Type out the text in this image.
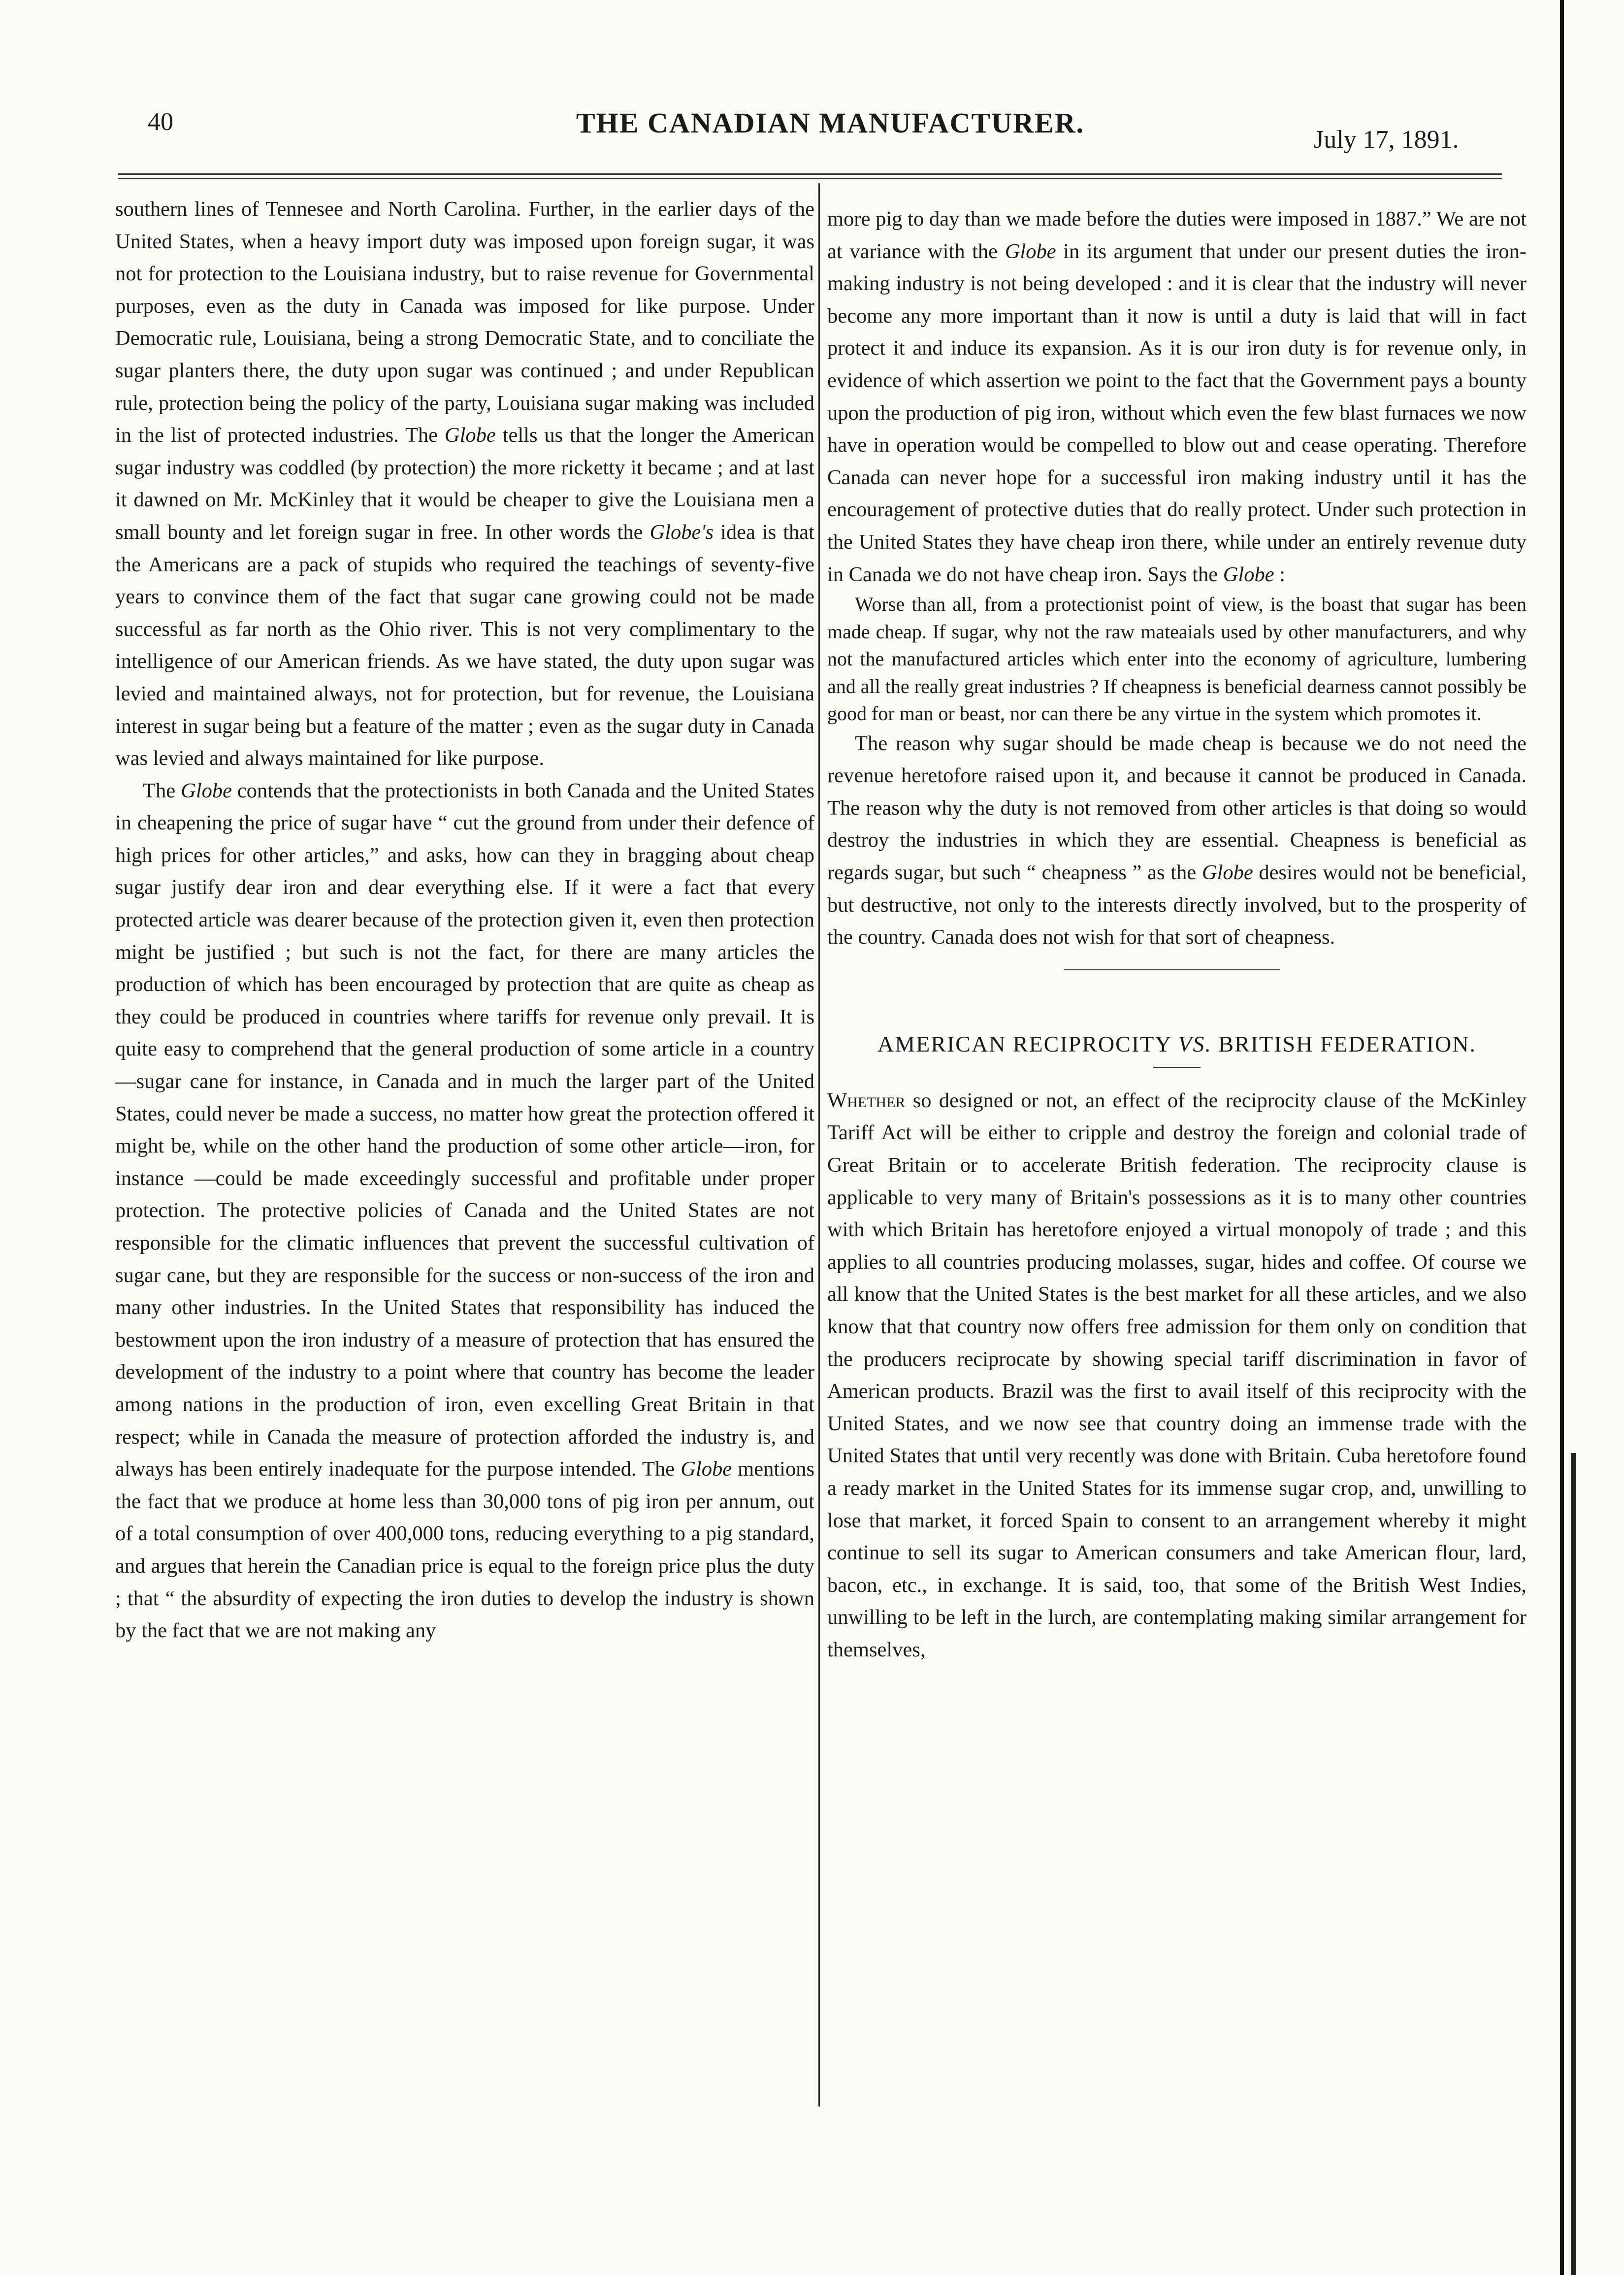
40	THE CANADIAN MANUFACTURER.
July 17, 1891.

southern lines of Tennesee and North Carolina. Further, in the earlier days of the United States, when a heavy import duty was imposed upon foreign sugar, it was not for protection to the Louisiana industry, but to raise revenue for Governmental purposes, even as the duty in Canada was imposed for like purpose. Under Democratic rule, Louisiana, being a strong Democratic State, and to conciliate the sugar planters there, the duty upon sugar was continued ; and under Republican rule, protection being the policy of the party, Louisiana sugar making was included in the list of protected industries. The Globe tells us that the longer the American sugar industry was coddled (by protection) the more ricketty it became ; and at last it dawned on Mr. McKinley that it would be cheaper to give the Louisiana men a small bounty and let foreign sugar in free. In other words the Globe's idea is that the Americans are a pack of stupids who required the teachings of seventy-five years to convince them of the fact that sugar cane growing could not be made successful as far north as the Ohio river. This is not very complimentary to the intelligence of our American friends. As we have stated, the duty upon sugar was levied and maintained always, not for protection, but for revenue, the Louisiana interest in sugar being but a feature of the matter ; even as the sugar duty in Canada was levied and always maintained for like purpose.

The Globe contends that the protectionists in both Canada and the United States in cheapening the price of sugar have “ cut the ground from under their defence of high prices for other articles,” and asks, how can they in bragging about cheap sugar justify dear iron and dear everything else. If it were a fact that every protected article was dearer because of the protection given it, even then protection might be justified ; but such is not the fact, for there are many articles the production of which has been encouraged by protection that are quite as cheap as they could be produced in countries where tariffs for revenue only prevail. It is quite easy to comprehend that the general production of some article in a country—sugar cane for instance, in Canada and in much the larger part of the United States, could never be made a success, no matter how great the protection offered it might be, while on the other hand the production of some other article—iron, for instance —could be made exceedingly successful and profitable under proper protection. The protective policies of Canada and the United States are not responsible for the climatic influences that prevent the successful cultivation of sugar cane, but they are responsible for the success or non-success of the iron and many other industries. In the United States that responsibility has induced the bestowment upon the iron industry of a measure of protection that has ensured the development of the industry to a point where that country has become the leader among nations in the production of iron, even excelling Great Britain in that respect; while in Canada the measure of protection afforded the industry is, and always has been entirely inadequate for the purpose intended. The Globe mentions the fact that we produce at home less than 30,000 tons of pig iron per annum, out of a total consumption of over 400,000 tons, reducing everything to a pig standard, and argues that herein the Canadian price is equal to the foreign price plus the duty ; that “ the absurdity of expecting the iron duties to develop the industry is shown by the fact that we are not making any

more pig to day than we made before the duties were imposed in 1887.” We are not at variance with the Globe in its argument that under our present duties the iron-making industry is not being developed : and it is clear that the industry will never become any more important than it now is until a duty is laid that will in fact protect it and induce its expansion. As it is our iron duty is for revenue only, in evidence of which assertion we point to the fact that the Government pays a bounty upon the production of pig iron, without which even the few blast furnaces we now have in operation would be compelled to blow out and cease operating. Therefore Canada can never hope for a successful iron making industry until it has the encouragement of protective duties that do really protect. Under such protection in the United States they have cheap iron there, while under an entirely revenue duty in Canada we do not have cheap iron. Says the Globe :

Worse than all, from a protectionist point of view, is the boast that sugar has been made cheap. If sugar, why not the raw mateaials used by other manufacturers, and why not the manufactured articles which enter into the economy of agriculture, lumbering and all the really great industries ? If cheapness is beneficial dearness cannot possibly be good for man or beast, nor can there be any virtue in the system which promotes it.

The reason why sugar should be made cheap is because we do not need the revenue heretofore raised upon it, and because it cannot be produced in Canada. The reason why the duty is not removed from other articles is that doing so would destroy the industries in which they are essential. Cheapness is beneficial as regards sugar, but such “ cheapness ” as the Globe desires would not be beneficial, but destructive, not only to the interests directly involved, but to the prosperity of the country. Canada does not wish for that sort of cheapness.

AMERICAN RECIPROCITY VS. BRITISH FEDERATION.

Whether so designed or not, an effect of the reciprocity clause of the McKinley Tariff Act will be either to cripple and destroy the foreign and colonial trade of Great Britain or to accelerate British federation. The reciprocity clause is applicable to very many of Britain's possessions as it is to many other countries with which Britain has heretofore enjoyed a virtual monopoly of trade ; and this applies to all countries producing molasses, sugar, hides and coffee. Of course we all know that the United States is the best market for all these articles, and we also know that that country now offers free admission for them only on condition that the producers reciprocate by showing special tariff discrimination in favor of American products. Brazil was the first to avail itself of this reciprocity with the United States, and we now see that country doing an immense trade with the United States that until very recently was done with Britain. Cuba heretofore found a ready market in the United States for its immense sugar crop, and, unwilling to lose that market, it forced Spain to consent to an arrangement whereby it might continue to sell its sugar to American consumers and take American flour, lard, bacon, etc., in exchange. It is said, too, that some of the British West Indies, unwilling to be left in the lurch, are contemplating making similar arrangement for themselves,
